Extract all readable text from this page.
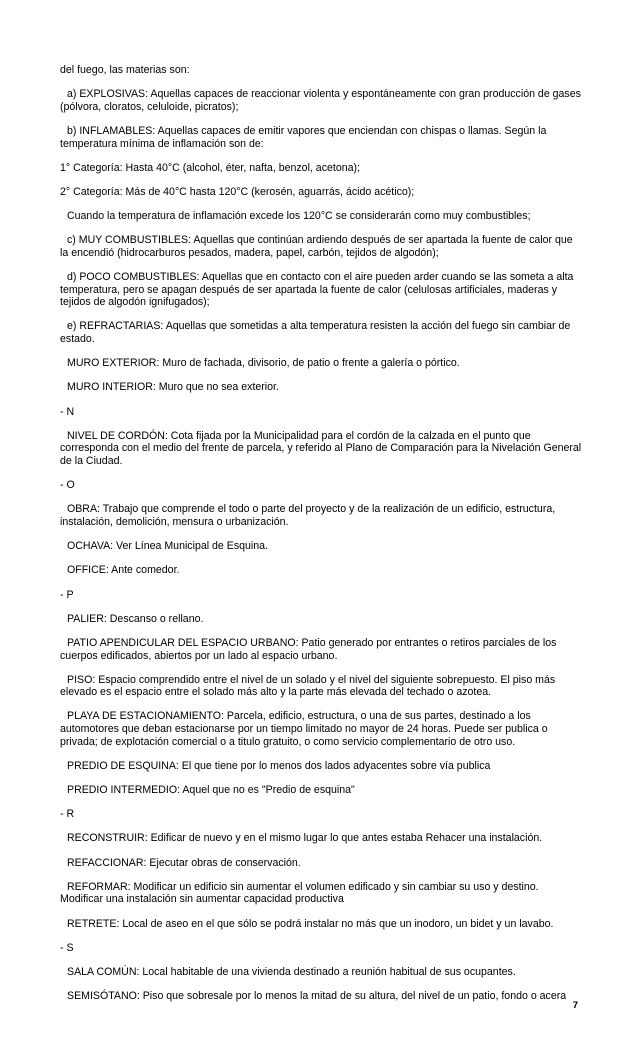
del fuego, las materias son:

a) EXPLOSIVAS: Aquellas capaces de reaccionar violenta y espontáneamente con gran producción de gases (pólvora, cloratos, celuloide, picratos);

b) INFLAMABLES: Aquellas capaces de emitir vapores que enciendan con chispas o llamas. Según la temperatura mínima de inflamación son de:

1° Categoría: Hasta 40°C (alcohol, éter, nafta, benzol, acetona);

2° Categoría: Más de 40°C hasta 120°C (kerosén, aguarrás, ácido acético);

Cuando la temperatura de inflamación excede los 120°C se considerarán como muy combustibles;

c) MUY COMBUSTIBLES: Aquellas que continúan ardiendo después de ser apartada la fuente de calor que la encendió (hidrocarburos pesados, madera, papel, carbón, tejidos de algodón);

d) POCO COMBUSTIBLES: Aquellas que en contacto con el aire pueden arder cuando se las someta a alta temperatura, pero se apagan después de ser apartada la fuente de calor (celulosas artificiales, maderas y tejidos de algodón ignifugados);

e) REFRACTARIAS: Aquellas que sometidas a alta temperatura resisten la acción del fuego sin cambiar de estado.

MURO EXTERIOR: Muro de fachada, divisorio, de patio o frente a galería o pórtico.

MURO INTERIOR: Muro que no sea exterior.

- N

NIVEL DE CORDÓN: Cota fijada por la Municipalidad para el cordón de la calzada en el punto que corresponda con el medio del frente de parcela, y referido al Plano de Comparación para la Nivelación General de la Ciudad.

- O

OBRA: Trabajo que comprende el todo o parte del proyecto y de la realización de un edificio, estructura, instalación, demolición, mensura o urbanización.

OCHAVA: Ver Línea Municipal de Esquina.

OFFICE: Ante comedor.

- P

PALIER: Descanso o rellano.

PATIO APENDICULAR DEL ESPACIO URBANO: Patio generado por entrantes o retiros parciales de los cuerpos edificados, abiertos por un lado al espacio urbano.

PISO: Espacio comprendido entre el nivel de un solado y el nivel del siguiente sobrepuesto. El piso más elevado es el espacio entre el solado más alto y la parte más elevada del techado o azotea.

PLAYA DE ESTACIONAMIENTO: Parcela, edificio, estructura, o una de sus partes, destinado a los automotores que deban estacionarse por un tiempo limitado no mayor de 24 horas. Puede ser publica o privada; de explotación comercial o a titulo gratuito, o como servicio complementario de otro uso.

PREDIO DE ESQUINA: El que tiene por lo menos dos lados adyacentes sobre vía publica

PREDIO INTERMEDIO: Aquel que no es "Predio de esquina"

- R

RECONSTRUIR: Edificar de nuevo y en el mismo lugar lo que antes estaba Rehacer una instalación.

REFACCIONAR: Ejecutar obras de conservación.

REFORMAR: Modificar un edificio sin aumentar el volumen edificado y sin cambiar su uso y destino. Modificar una instalación sin aumentar capacidad productiva

RETRETE: Local de aseo en el que sólo se podrá instalar no más que un inodoro, un bidet y un lavabo.

- S

SALA COMÚN: Local habitable de una vivienda destinado a reunión habitual de sus ocupantes.

SEMISÓTANO: Piso que sobresale por lo menos la mitad de su altura, del nivel de un patio, fondo o acera

7
